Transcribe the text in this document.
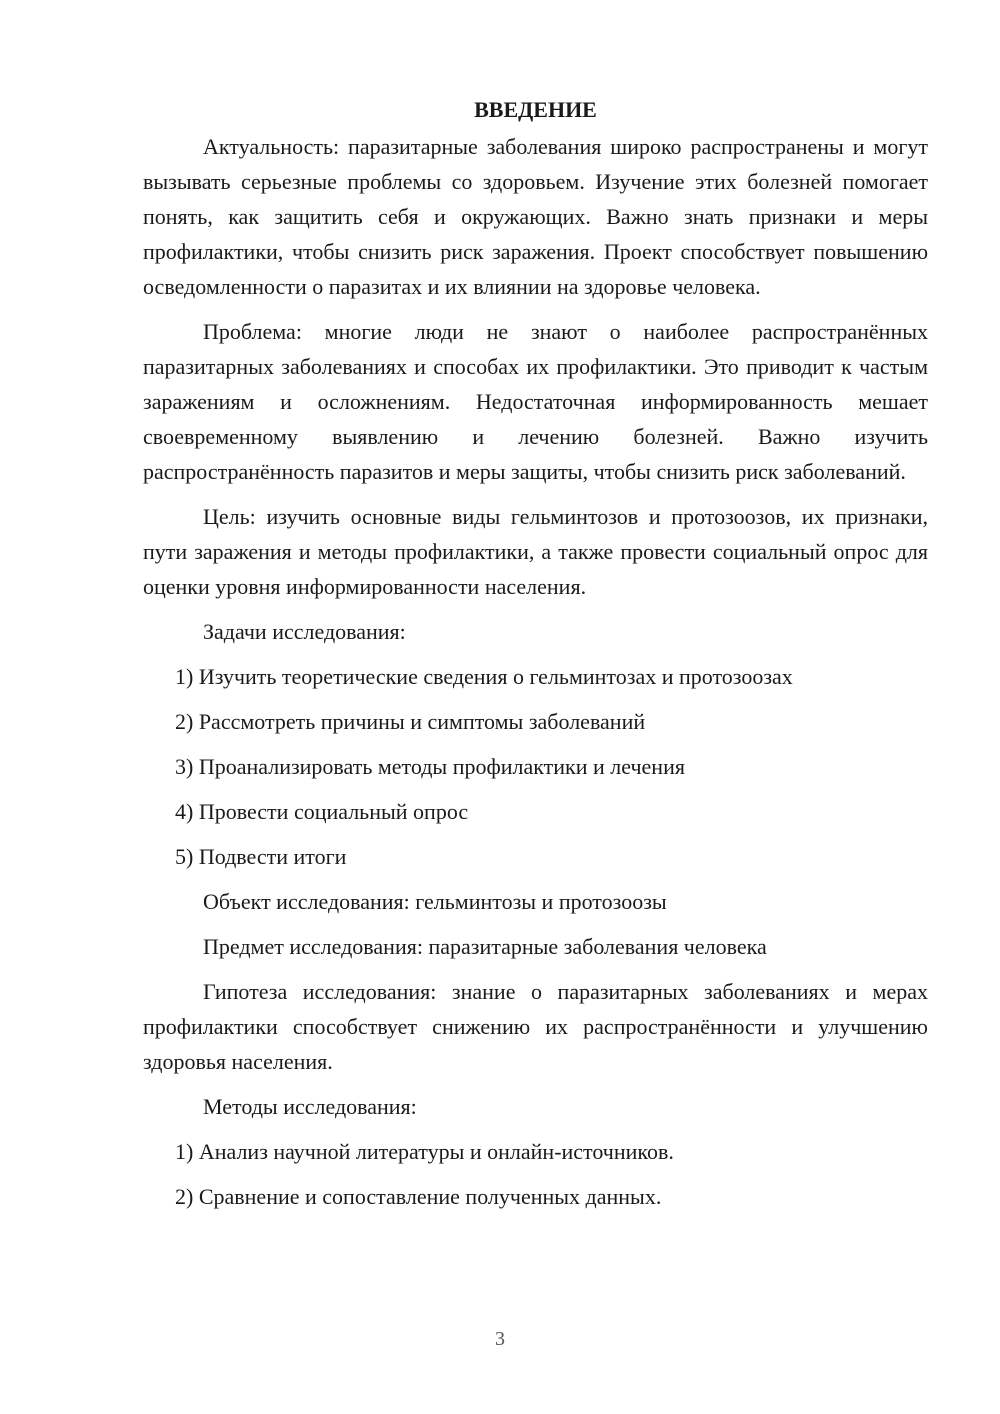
ВВЕДЕНИЕ

Актуальность: паразитарные заболевания широко распространены и могут вызывать серьезные проблемы со здоровьем. Изучение этих болезней помогает понять, как защитить себя и окружающих. Важно знать признаки и меры профилактики, чтобы снизить риск заражения. Проект способствует повышению осведомленности о паразитах и их влиянии на здоровье человека.

Проблема: многие люди не знают о наиболее распространённых паразитарных заболеваниях и способах их профилактики. Это приводит к частым заражениям и осложнениям. Недостаточная информированность мешает своевременному выявлению и лечению болезней. Важно изучить распространённость паразитов и меры защиты, чтобы снизить риск заболеваний.

Цель: изучить основные виды гельминтозов и протозоозов, их признаки, пути заражения и методы профилактики, а также провести социальный опрос для оценки уровня информированности населения.

Задачи исследования:
1) Изучить теоретические сведения о гельминтозах и протозоозах
2) Рассмотреть причины и симптомы заболеваний
3) Проанализировать методы профилактики и лечения
4) Провести социальный опрос
5) Подвести итоги
Объект исследования: гельминтозы и протозоозы
Предмет исследования: паразитарные заболевания человека

Гипотеза исследования: знание о паразитарных заболеваниях и мерах профилактики способствует снижению их распространённости и улучшению здоровья населения.

Методы исследования:
1) Анализ научной литературы и онлайн-источников.
2) Сравнение и сопоставление полученных данных.
3
